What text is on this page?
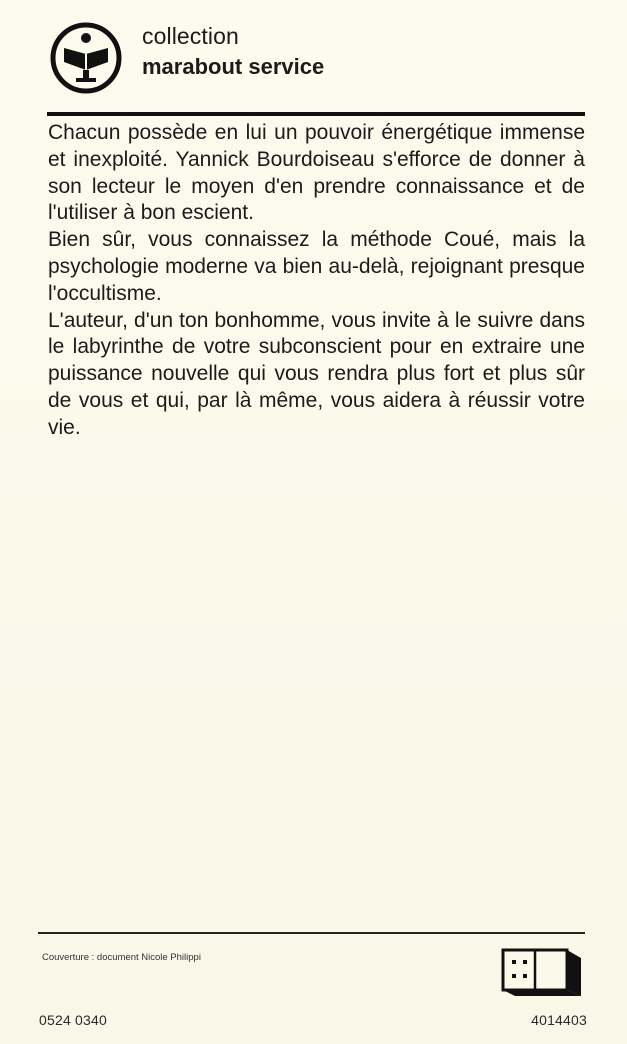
collection
marabout service

Chacun possède en lui un pouvoir énergétique immense et inexploité. Yannick Bourdoiseau s'efforce de donner à son lecteur le moyen d'en prendre connaissance et de l'utiliser à bon escient.

Bien sûr, vous connaissez la méthode Coué, mais la psychologie moderne va bien au-delà, rejoignant presque l'occultisme.

L'auteur, d'un ton bonhomme, vous invite à le suivre dans le labyrinthe de votre subconscient pour en extraire une puissance nouvelle qui vous rendra plus fort et plus sûr de vous et qui, par là même, vous aidera à réussir votre vie.

Couverture : document Nicole Philippi
0524 0340	4014403
